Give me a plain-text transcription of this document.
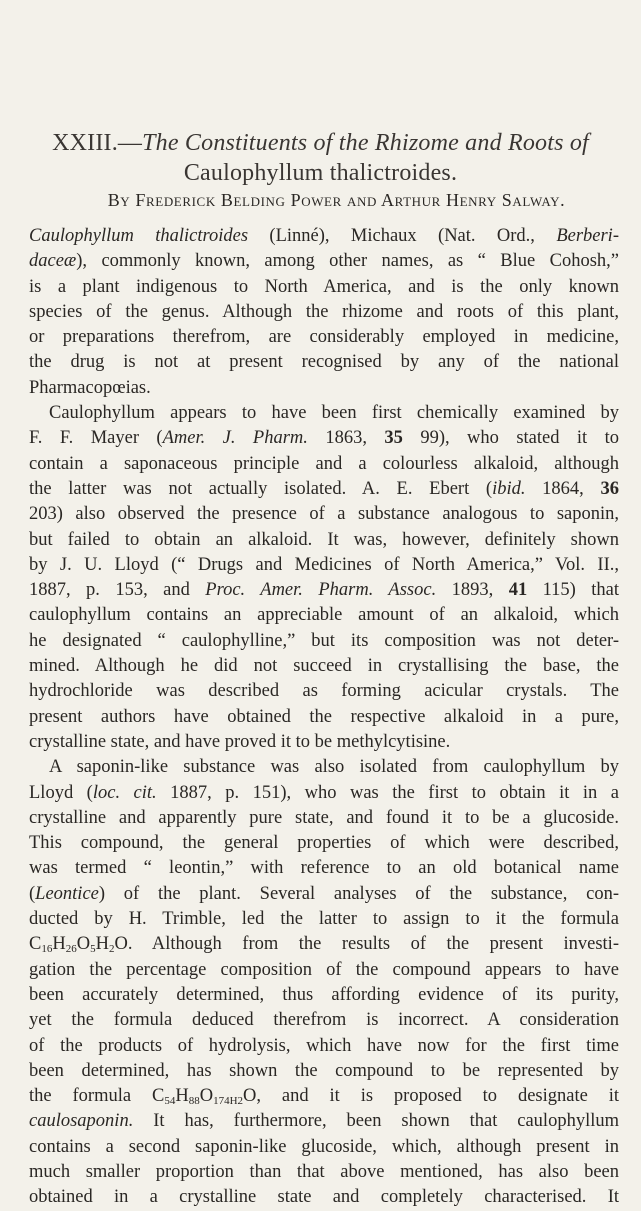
XXIII.—The Constituents of the Rhizome and Roots of
Caulophyllum thalictroides.
By Frederick Belding Power and Arthur Henry Salway.
Caulophyllum thalictroides (Linné), Michaux (Nat. Ord., Berberi-
daceæ), commonly known, among other names, as “ Blue Cohosh,”
is a plant indigenous to North America, and is the only known
species of the genus. Although the rhizome and roots of this plant,
or preparations therefrom, are considerably employed in medicine,
the drug is not at present recognised by any of the national
Pharmacopœias.
Caulophyllum appears to have been first chemically examined by
F. F. Mayer (Amer. J. Pharm. 1863, 35 99), who stated it to
contain a saponaceous principle and a colourless alkaloid, although
the latter was not actually isolated. A. E. Ebert (ibid. 1864, 36
203) also observed the presence of a substance analogous to saponin,
but failed to obtain an alkaloid. It was, however, definitely shown
by J. U. Lloyd (“ Drugs and Medicines of North America,” Vol. II.,
1887, p. 153, and Proc. Amer. Pharm. Assoc. 1893, 41 115) that
caulophyllum contains an appreciable amount of an alkaloid, which
he designated “ caulophylline,” but its composition was not deter-
mined. Although he did not succeed in crystallising the base, the
hydrochloride was described as forming acicular crystals. The
present authors have obtained the respective alkaloid in a pure,
crystalline state, and have proved it to be methylcytisine.
A saponin-like substance was also isolated from caulophyllum by
Lloyd (loc. cit. 1887, p. 151), who was the first to obtain it in a
crystalline and apparently pure state, and found it to be a glucoside.
This compound, the general properties of which were described,
was termed “ leontin,” with reference to an old botanical name
(Leontice) of the plant. Several analyses of the substance, con-
ducted by H. Trimble, led the latter to assign to it the formula
$C_{16}H_{26}O_5H_2O$. Although from the results of the present investi-
gation the percentage composition of the compound appears to have
been accurately determined, thus affording evidence of its purity,
yet the formula deduced therefrom is incorrect. A consideration
of the products of hydrolysis, which have now for the first time
been determined, has shown the compound to be represented by
the formula $C_{54}H_{88}O_{174H2}O$, and it is proposed to designate it
caulosaponin. It has, furthermore, been shown that caulophyllum
contains a second saponin-like glucoside, which, although present in
much smaller proportion than that above mentioned, has also been
obtained in a crystalline state and completely characterised. It
